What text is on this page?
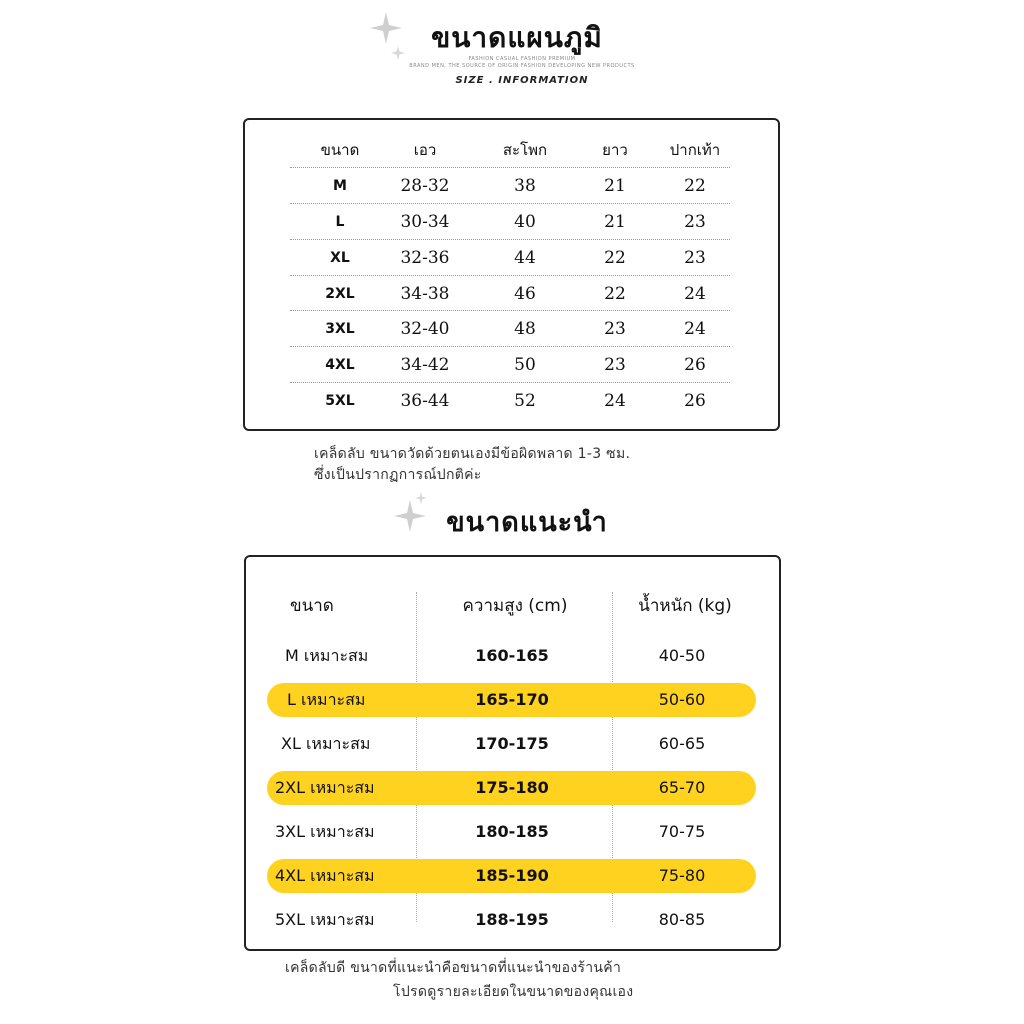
ขนาดแผนภูมิ
FASHION CASUAL FASHION PREMIUM
BRAND MEN, THE SOURCE OF ORIGIN FASHION DEVELOPING NEW PRODUCTS
SIZE . INFORMATION
ขนาด	เอว	สะโพก	ยาว	ปากเท้า
M	28-32	38	21	22
L	30-34	40	21	23
XL	32-36	44	22	23
2XL	34-38	46	22	24
3XL	32-40	48	23	24
4XL	34-42	50	23	26
5XL	36-44	52	24	26
เคล็ดลับ ขนาดวัดด้วยตนเองมีข้อผิดพลาด 1-3 ซม.
ซึ่งเป็นปรากฏการณ์ปกติค่ะ
ขนาดแนะนำ
ขนาด	ความสูง (cm)	น้ำหนัก (kg)
M เหมาะสม	160-165	40-50
L เหมาะสม	165-170	50-60
XL เหมาะสม	170-175	60-65
2XL เหมาะสม	175-180	65-70
3XL เหมาะสม	180-185	70-75
4XL เหมาะสม	185-190	75-80
5XL เหมาะสม	188-195	80-85
เคล็ดลับดี ขนาดที่แนะนำคือขนาดที่แนะนำของร้านค้า
โปรดดูรายละเอียดในขนาดของคุณเอง
